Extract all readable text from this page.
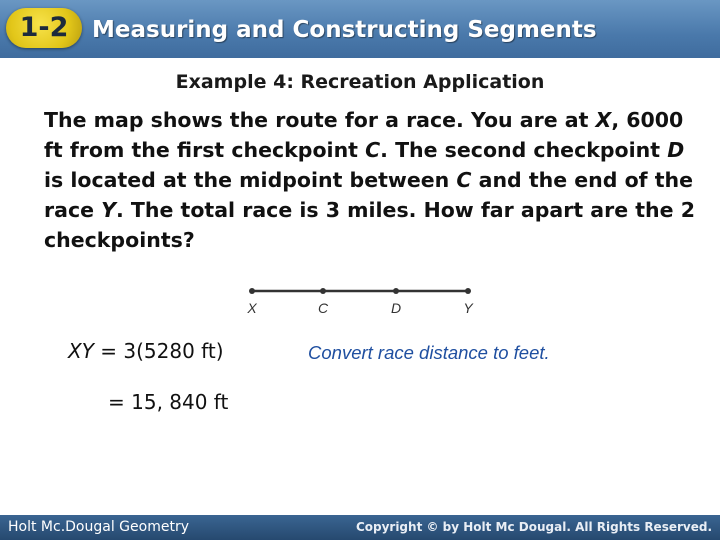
1-2	Measuring and Constructing Segments
Example 4: Recreation Application
The map shows the route for a race. You are at X, 6000 ft from the first checkpoint C. The second checkpoint D is located at the midpoint between C and the end of the race Y. The total race is 3 miles. How far apart are the 2 checkpoints?
X	C	D	Y
XY = 3(5280 ft)	Convert race distance to feet.
= 15, 840 ft
Holt Mc.Dougal Geometry	Copyright © by Holt Mc Dougal. All Rights Reserved.
